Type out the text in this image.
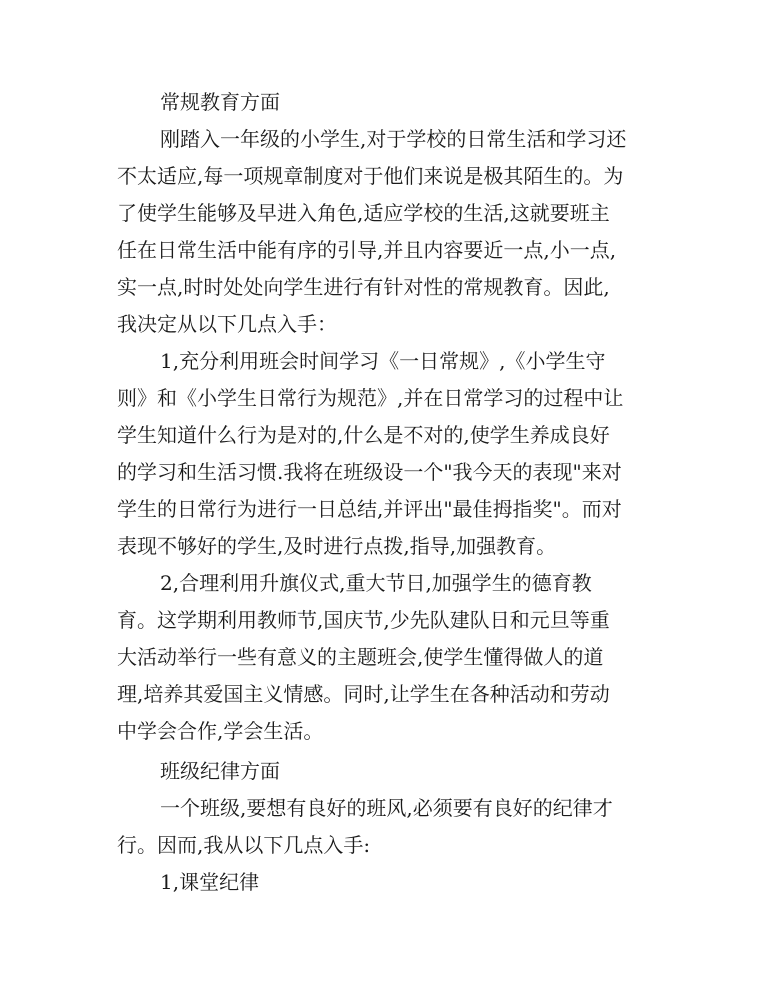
常规教育方面
刚踏入一年级的小学生,对于学校的日常生活和学习还
不太适应,每一项规章制度对于他们来说是极其陌生的。为
了使学生能够及早进入角色,适应学校的生活,这就要班主
任在日常生活中能有序的引导,并且内容要近一点,小一点,
实一点,时时处处向学生进行有针对性的常规教育。因此,
我决定从以下几点入手：
1,充分利用班会时间学习《一日常规》,《小学生守
则》和《小学生日常行为规范》,并在日常学习的过程中让
学生知道什么行为是对的,什么是不对的,使学生养成良好
的学习和生活习惯.我将在班级设一个"我今天的表现"来对
学生的日常行为进行一日总结,并评出"最佳拇指奖"。而对
表现不够好的学生,及时进行点拨,指导,加强教育。
2,合理利用升旗仪式,重大节日,加强学生的德育教
育。这学期利用教师节,国庆节,少先队建队日和元旦等重
大活动举行一些有意义的主题班会,使学生懂得做人的道
理,培养其爱国主义情感。同时,让学生在各种活动和劳动
中学会合作,学会生活。
班级纪律方面
一个班级,要想有良好的班风,必须要有良好的纪律才
行。因而,我从以下几点入手:
1,课堂纪律
